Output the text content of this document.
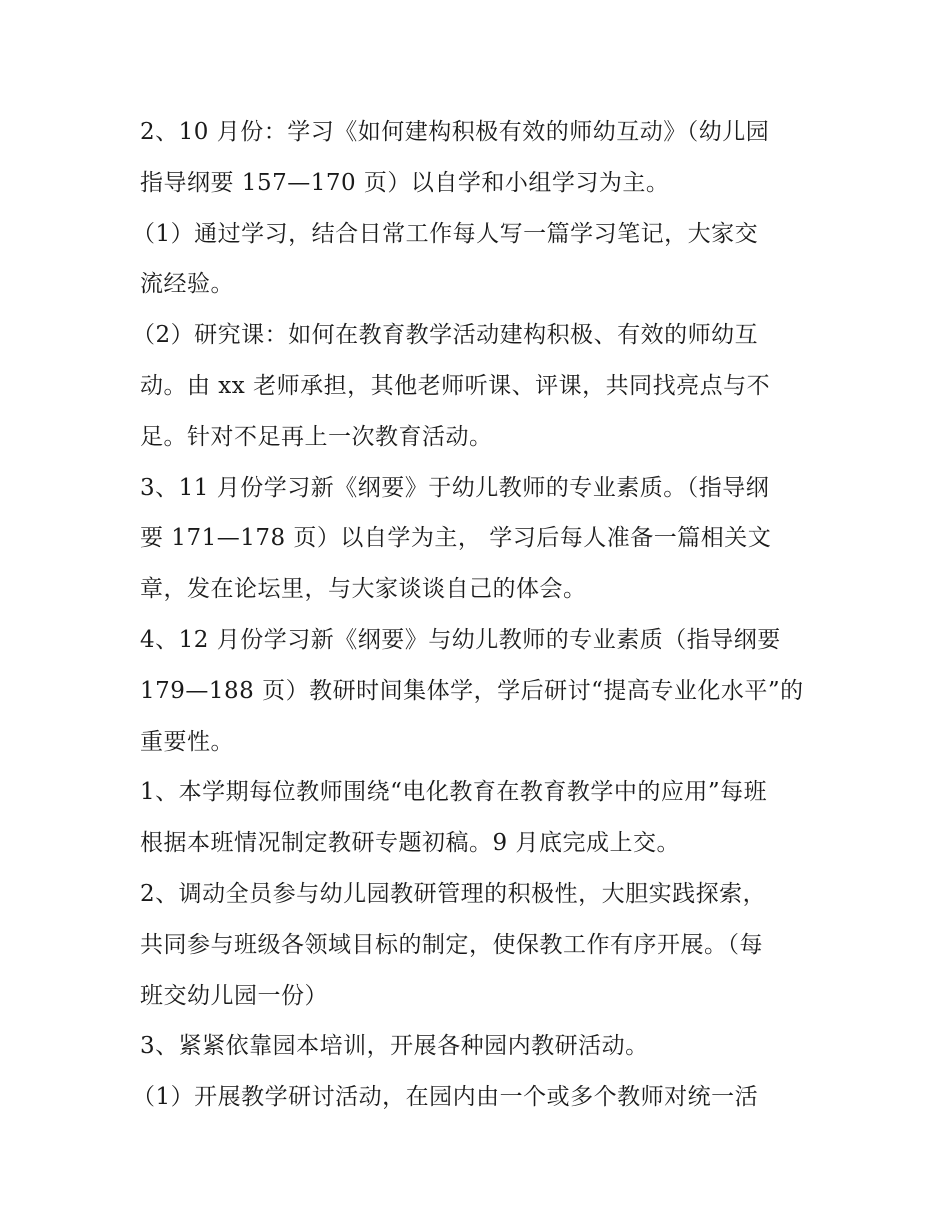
2、10 月份：学习《如何建构积极有效的师幼互动》（幼儿园
指导纲要 157—170 页）以自学和小组学习为主。
（1）通过学习，结合日常工作每人写一篇学习笔记，大家交
流经验。
（2）研究课：如何在教育教学活动建构积极、有效的师幼互
动。由 xx 老师承担，其他老师听课、评课，共同找亮点与不
足。针对不足再上一次教育活动。
3、11 月份学习新《纲要》于幼儿教师的专业素质。（指导纲
要 171—178 页）以自学为主， 学习后每人准备一篇相关文
章，发在论坛里，与大家谈谈自己的体会。
4、12 月份学习新《纲要》与幼儿教师的专业素质（指导纲要
179—188 页）教研时间集体学，学后研讨“提高专业化水平”的
重要性。
1、本学期每位教师围绕“电化教育在教育教学中的应用”每班
根据本班情况制定教研专题初稿。9 月底完成上交。
2、调动全员参与幼儿园教研管理的积极性，大胆实践探索，
共同参与班级各领域目标的制定，使保教工作有序开展。（每
班交幼儿园一份）
3、紧紧依靠园本培训，开展各种园内教研活动。
（1）开展教学研讨活动，在园内由一个或多个教师对统一活
